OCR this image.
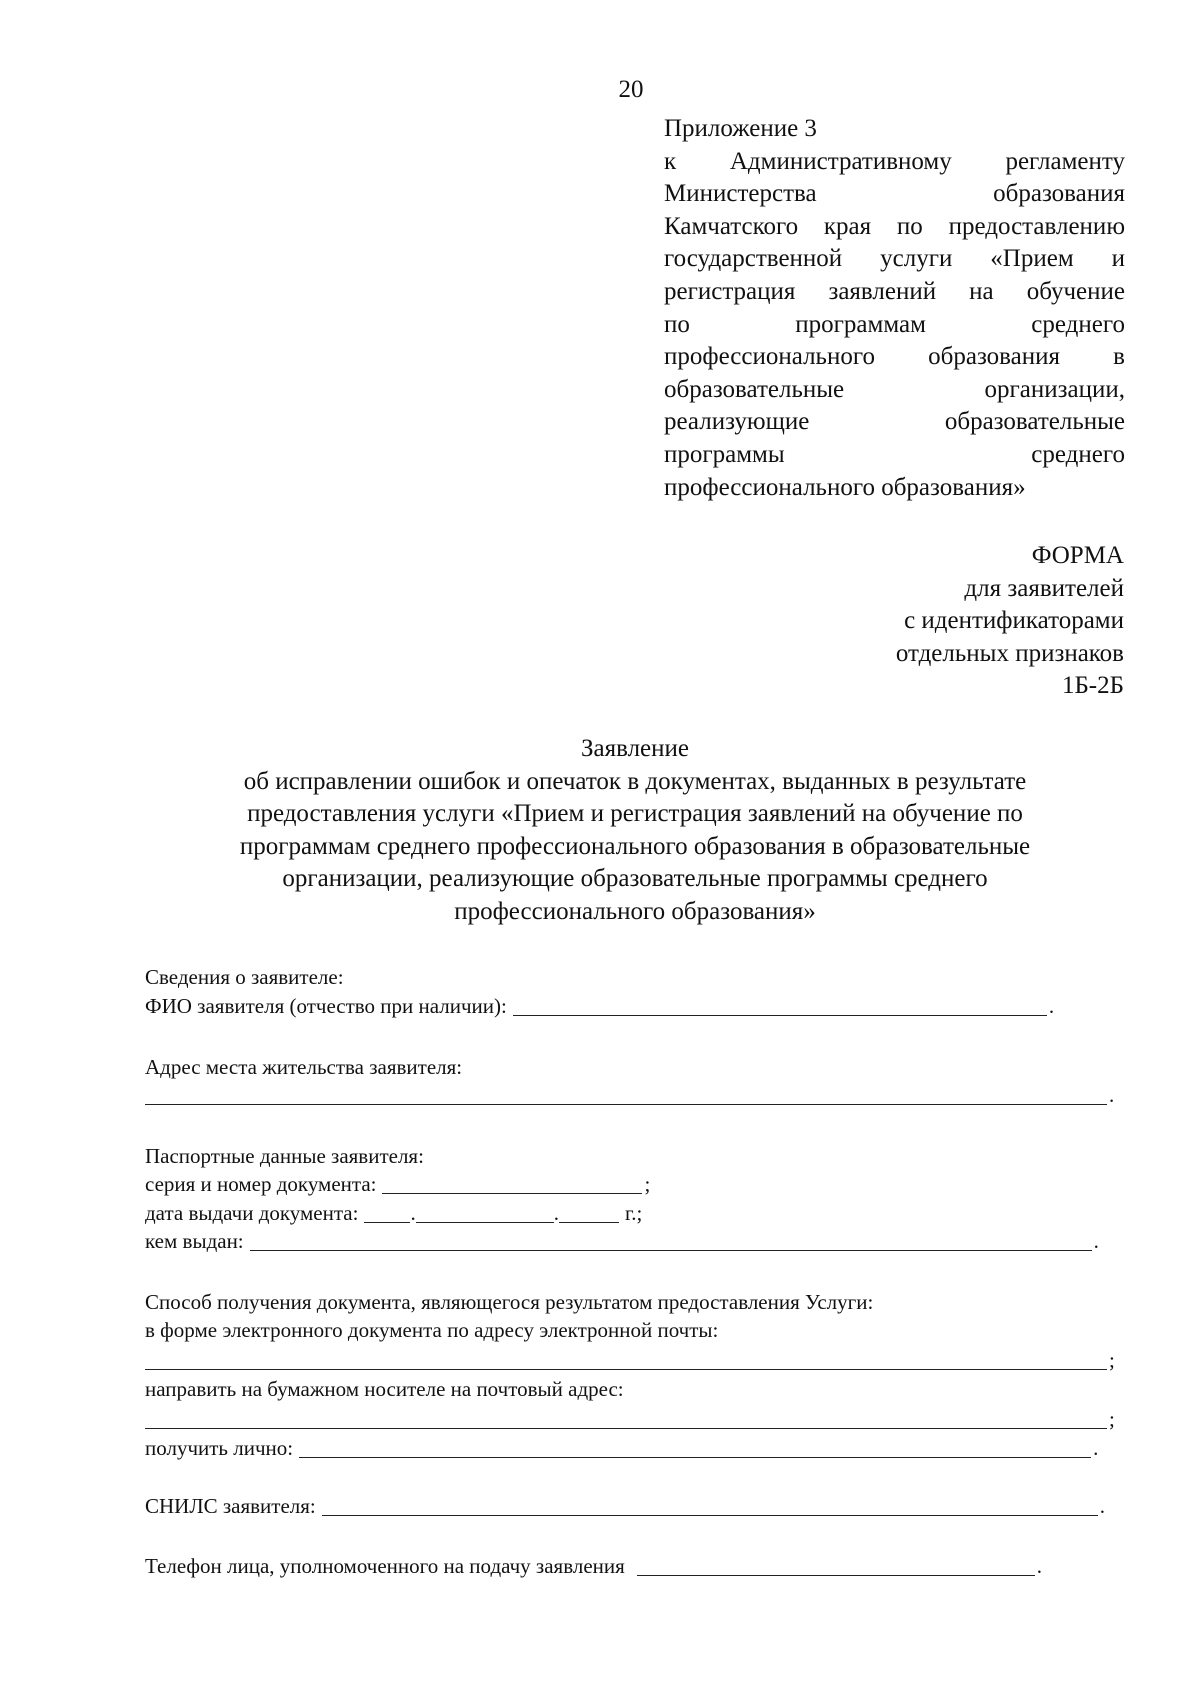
20
Приложение 3
к Административному регламенту
Министерства образования
Камчатского края по предоставлению
государственной услуги «Прием и
регистрация заявлений на обучение
по программам среднего
профессионального образования в
образовательные организации,
реализующие образовательные
программы среднего
профессионального образования»
ФОРМА
для заявителей
с идентификаторами
отдельных признаков
1Б-2Б
Заявление
об исправлении ошибок и опечаток в документах, выданных в результате
предоставления услуги «Прием и регистрация заявлений на обучение по
программам среднего профессионального образования в образовательные
организации, реализующие образовательные программы среднего
профессионального образования»
Сведения о заявителе:
ФИО заявителя (отчество при наличии):	.
Адрес места жительства заявителя:
.
Паспортные данные заявителя:
серия и номер документа:	;
дата выдачи документа: .	.	г.;
кем выдан:	.
Способ получения документа, являющегося результатом предоставления Услуги:
в форме электронного документа по адресу электронной почты:
;
направить на бумажном носителе на почтовый адрес:
;
получить лично:	.
СНИЛС заявителя:	.
Телефон лица, уполномоченного на подачу заявления	.
